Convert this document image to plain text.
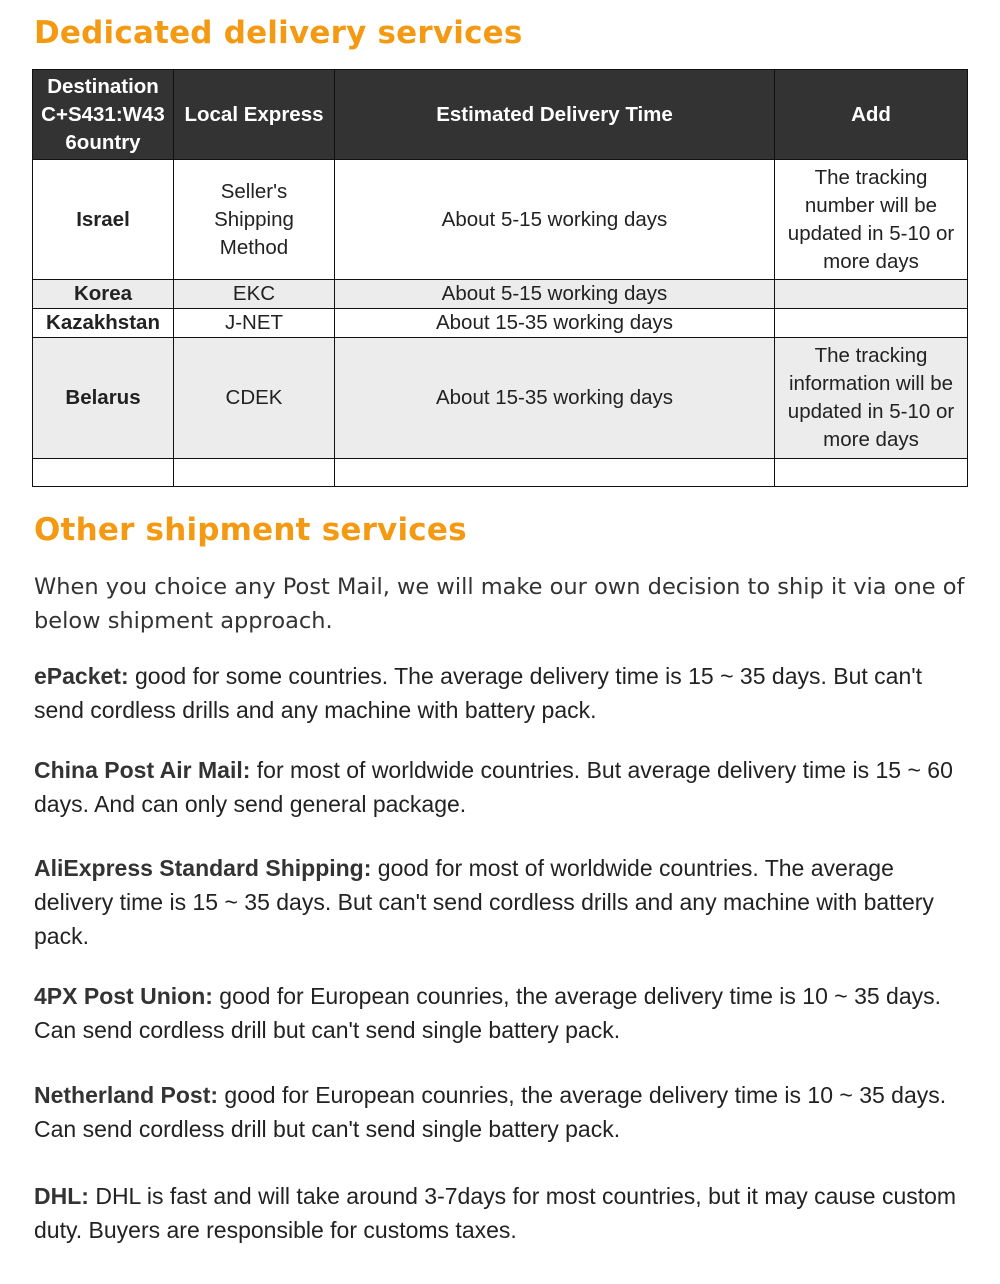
Dedicated delivery services
Destination C+S431:W43 6ountry	Local Express	Estimated Delivery Time	Add
Israel	Seller's Shipping Method	About 5-15 working days	The tracking number will be updated in 5-10 or more days
Korea	EKC	About 5-15 working days	
Kazakhstan	J-NET	About 15-35 working days	
Belarus	CDEK	About 15-35 working days	The tracking information will be updated in 5-10 or more days

Other shipment services

When you choice any Post Mail, we will make our own decision to ship it via one of below shipment approach.

ePacket: good for some countries. The average delivery time is 15 ~ 35 days. But can't send cordless drills and any machine with battery pack.

China Post Air Mail: for most of worldwide countries. But average delivery time is 15 ~ 60 days. And can only send general package.

AliExpress Standard Shipping: good for most of worldwide countries. The average delivery time is 15 ~ 35 days. But can't send cordless drills and any machine with battery pack.

4PX Post Union: good for European counries, the average delivery time is 10 ~ 35 days. Can send cordless drill but can't send single battery pack.

Netherland Post: good for European counries, the average delivery time is 10 ~ 35 days. Can send cordless drill but can't send single battery pack.

DHL: DHL is fast and will take around 3-7days for most countries, but it may cause custom duty. Buyers are responsible for customs taxes.
